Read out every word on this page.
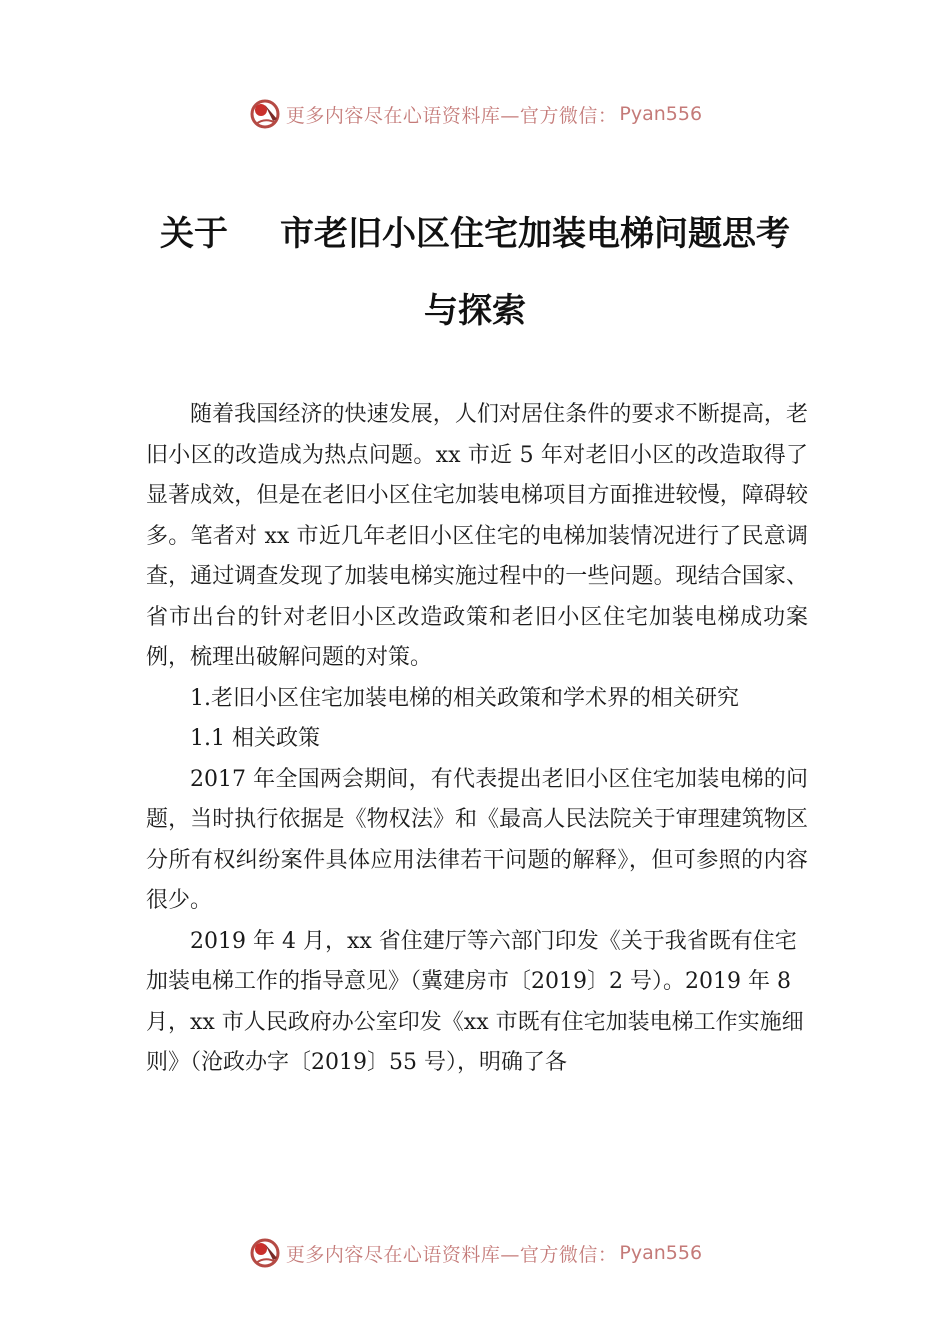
更多内容尽在心语资料库—官方微信： Pyan556
关于 市老旧小区住宅加装电梯问题思考
与探索

随着我国经济的快速发展，人们对居住条件的要求不断提高，老旧小区的改造成为热点问题。xx 市近 5 年对老旧小区的改造取得了显著成效，但是在老旧小区住宅加装电梯项目方面推进较慢，障碍较多。笔者对 xx 市近几年老旧小区住宅的电梯加装情况进行了民意调查，通过调查发现了加装电梯实施过程中的一些问题。现结合国家、省市出台的针对老旧小区改造政策和老旧小区住宅加装电梯成功案例，梳理出破解问题的对策。

1.老旧小区住宅加装电梯的相关政策和学术界的相关研究

1.1 相关政策

2017 年全国两会期间，有代表提出老旧小区住宅加装电梯的问题，当时执行依据是《物权法》和《最高人民法院关于审理建筑物区分所有权纠纷案件具体应用法律若干问题的解释》，但可参照的内容很少。

2019 年 4 月，xx 省住建厅等六部门印发《关于我省既有住宅加装电梯工作的指导意见》（冀建房市〔2019〕2 号）。2019 年 8 月，xx 市人民政府办公室印发《xx 市既有住宅加装电梯工作实施细则》（沧政办字〔2019〕55 号），明确了各

更多内容尽在心语资料库—官方微信： Pyan556
